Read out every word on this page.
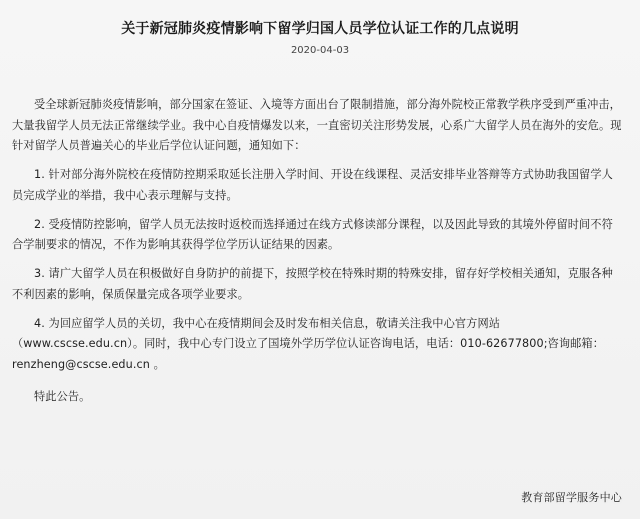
关于新冠肺炎疫情影响下留学归国人员学位认证工作的几点说明
2020-04-03

受全球新冠肺炎疫情影响，部分国家在签证、入境等方面出台了限制措施，部分海外院校正常教学秩序受到严重冲击，大量我留学人员无法正常继续学业。我中心自疫情爆发以来，一直密切关注形势发展，心系广大留学人员在海外的安危。现针对留学人员普遍关心的毕业后学位认证问题，通知如下：

1. 针对部分海外院校在疫情防控期采取延长注册入学时间、开设在线课程、灵活安排毕业答辩等方式协助我国留学人员完成学业的举措，我中心表示理解与支持。

2. 受疫情防控影响，留学人员无法按时返校而选择通过在线方式修读部分课程，以及因此导致的其境外停留时间不符合学制要求的情况，不作为影响其获得学位学历认证结果的因素。

3. 请广大留学人员在积极做好自身防护的前提下，按照学校在特殊时期的特殊安排，留存好学校相关通知，克服各种不利因素的影响，保质保量完成各项学业要求。

4. 为回应留学人员的关切，我中心在疫情期间会及时发布相关信息，敬请关注我中心官方网站（www.cscse.edu.cn）。同时，我中心专门设立了国境外学历学位认证咨询电话，电话：010-62677800;咨询邮箱：renzheng@cscse.edu.cn 。

特此公告。

教育部留学服务中心
